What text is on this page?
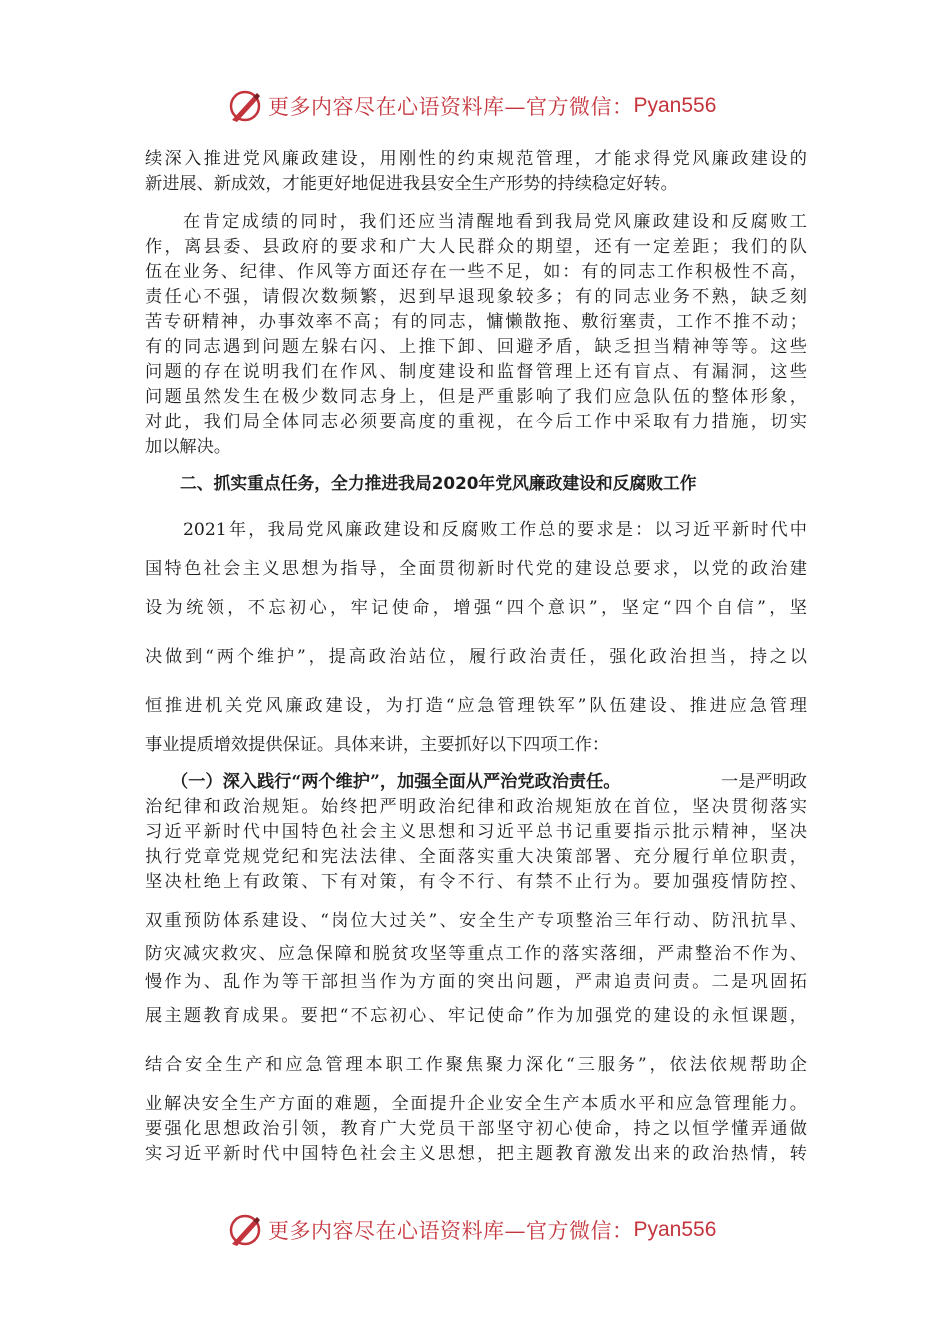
更多内容尽在心语资料库—官方微信： Pyan556
续深入推进党风廉政建设，用刚性的约束规范管理，才能求得党风廉政建设的
新进展、新成效，才能更好地促进我县安全生产形势的持续稳定好转。
在肯定成绩的同时，我们还应当清醒地看到我局党风廉政建设和反腐败工
作，离县委、县政府的要求和广大人民群众的期望，还有一定差距；我们的队
伍在业务、纪律、作风等方面还存在一些不足，如：有的同志工作积极性不高，
责任心不强，请假次数频繁，迟到早退现象较多；有的同志业务不熟，缺乏刻
苦专研精神，办事效率不高；有的同志，慵懒散拖、敷衍塞责，工作不推不动；
有的同志遇到问题左躲右闪、上推下卸、回避矛盾，缺乏担当精神等等。这些
问题的存在说明我们在作风、制度建设和监督管理上还有盲点、有漏洞，这些
问题虽然发生在极少数同志身上，但是严重影响了我们应急队伍的整体形象，
对此，我们局全体同志必须要高度的重视，在今后工作中采取有力措施，切实
加以解决。
二、抓实重点任务，全力推进我局2020年党风廉政建设和反腐败工作
2021年，我局党风廉政建设和反腐败工作总的要求是：以习近平新时代中
国特色社会主义思想为指导，全面贯彻新时代党的建设总要求，以党的政治建
设为统领，不忘初心，牢记使命，增强“四个意识”，坚定“四个自信”，坚
决做到“两个维护”，提高政治站位，履行政治责任，强化政治担当，持之以
恒推进机关党风廉政建设，为打造“应急管理铁军”队伍建设、推进应急管理
事业提质增效提供保证。具体来讲，主要抓好以下四项工作：
（一）深入践行“两个维护”，加强全面从严治党政治责任。	一是严明政
治纪律和政治规矩。始终把严明政治纪律和政治规矩放在首位，坚决贯彻落实
习近平新时代中国特色社会主义思想和习近平总书记重要指示批示精神，坚决
执行党章党规党纪和宪法法律、全面落实重大决策部署、充分履行单位职责，
坚决杜绝上有政策、下有对策，有令不行、有禁不止行为。要加强疫情防控、
双重预防体系建设、“岗位大过关”、安全生产专项整治三年行动、防汛抗旱、
防灾减灾救灾、应急保障和脱贫攻坚等重点工作的落实落细，严肃整治不作为、
慢作为、乱作为等干部担当作为方面的突出问题，严肃追责问责。二是巩固拓
展主题教育成果。要把“不忘初心、牢记使命”作为加强党的建设的永恒课题，
结合安全生产和应急管理本职工作聚焦聚力深化“三服务”，依法依规帮助企
业解决安全生产方面的难题，全面提升企业安全生产本质水平和应急管理能力。
要强化思想政治引领，教育广大党员干部坚守初心使命，持之以恒学懂弄通做
实习近平新时代中国特色社会主义思想，把主题教育激发出来的政治热情，转
更多内容尽在心语资料库—官方微信： Pyan556
